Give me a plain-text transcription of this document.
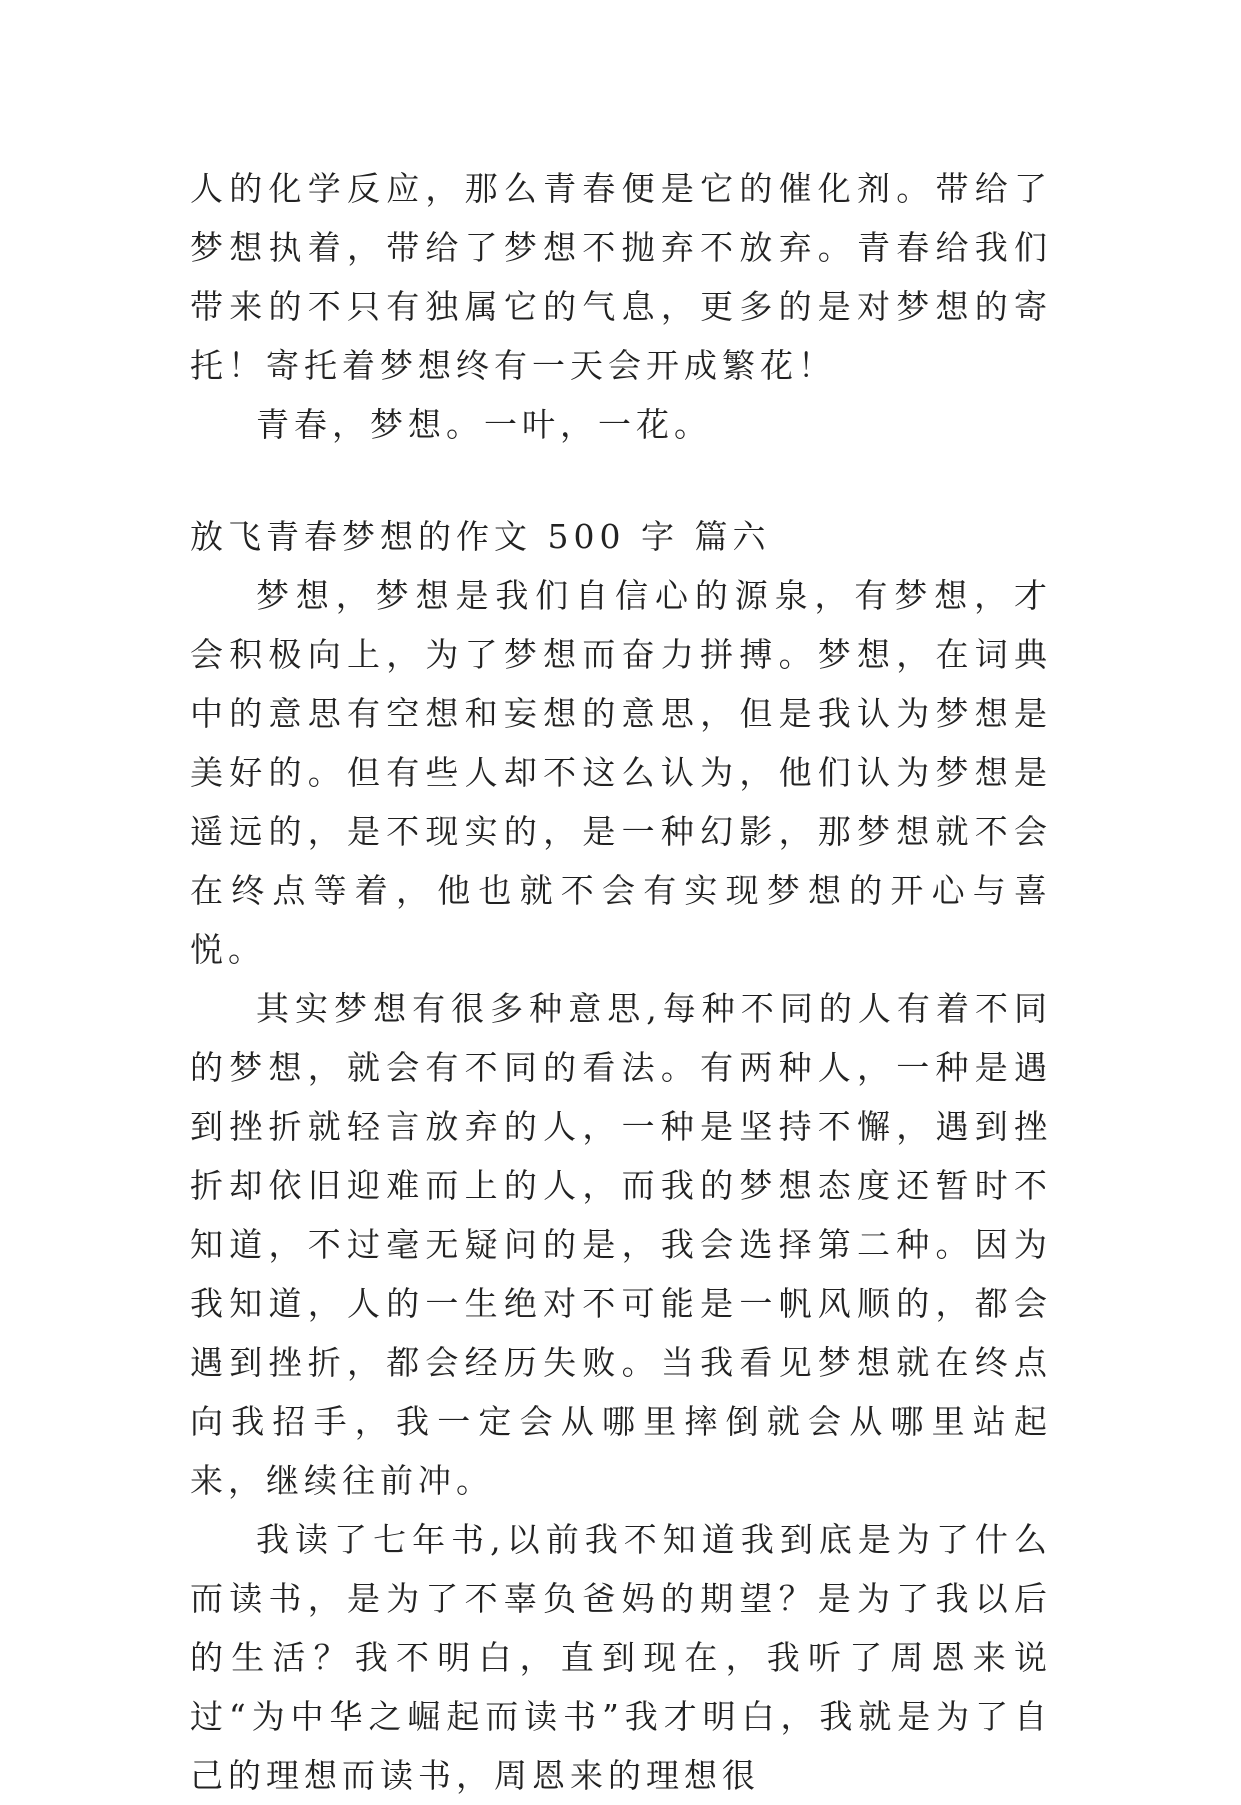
人的化学反应，那么青春便是它的催化剂。带给了梦想执着，带给了梦想不抛弃不放弃。青春给我们带来的不只有独属它的气息，更多的是对梦想的寄托！寄托着梦想终有一天会开成繁花！

青春，梦想。一叶，一花。

放飞青春梦想的作文 500 字 篇六

梦想，梦想是我们自信心的源泉，有梦想，才会积极向上，为了梦想而奋力拼搏。梦想，在词典中的意思有空想和妄想的意思，但是我认为梦想是美好的。但有些人却不这么认为，他们认为梦想是遥远的，是不现实的，是一种幻影，那梦想就不会在终点等着，他也就不会有实现梦想的开心与喜悦。

其实梦想有很多种意思,每种不同的人有着不同的梦想，就会有不同的看法。有两种人，一种是遇到挫折就轻言放弃的人，一种是坚持不懈，遇到挫折却依旧迎难而上的人，而我的梦想态度还暂时不知道，不过毫无疑问的是，我会选择第二种。因为我知道，人的一生绝对不可能是一帆风顺的，都会遇到挫折，都会经历失败。当我看见梦想就在终点向我招手，我一定会从哪里摔倒就会从哪里站起来，继续往前冲。

我读了七年书,以前我不知道我到底是为了什么而读书，是为了不辜负爸妈的期望？是为了我以后的生活？我不明白，直到现在，我听了周恩来说过“为中华之崛起而读书”我才明白，我就是为了自己的理想而读书，周恩来的理想很
